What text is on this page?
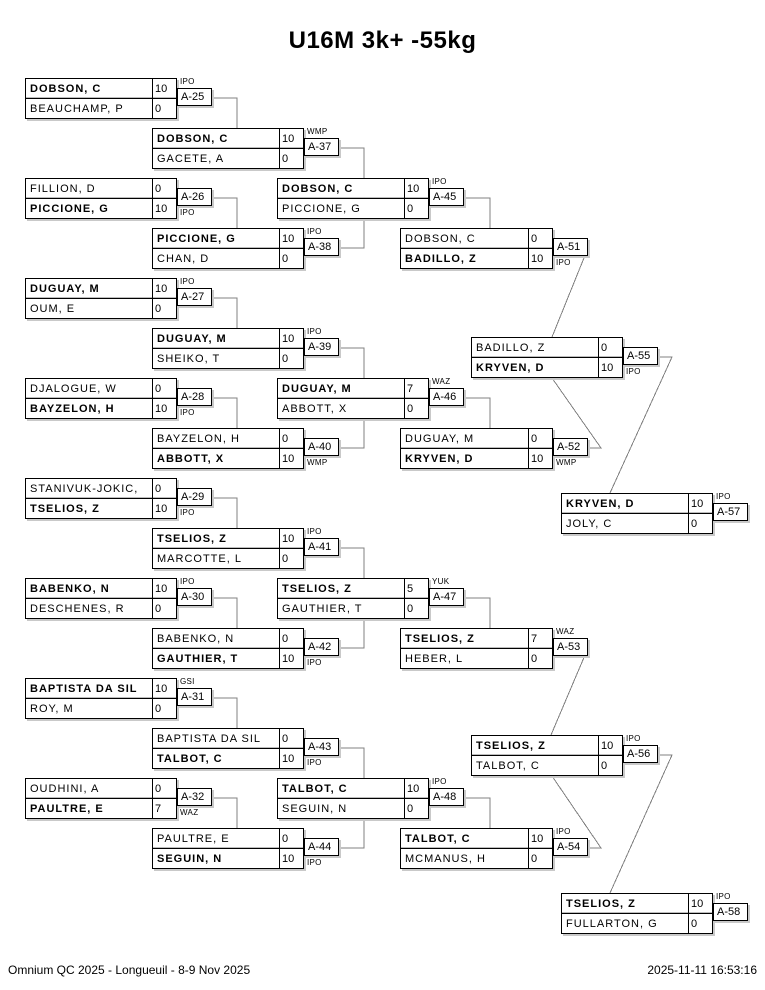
U16M 3k+ -55kg
DOBSON, C	10
BEAUCHAMP, P	0
A-25
IPO
FILLION, D	0
PICCIONE, G	10
A-26
IPO
DUGUAY, M	10
OUM, E	0
A-27
IPO
DJALOGUE, W	0
BAYZELON, H	10
A-28
IPO
STANIVUK-JOKIC, 0
TSELIOS, Z	10
A-29
IPO
BABENKO, N	10
DESCHENES, R	0
A-30
IPO
BAPTISTA DA SIL 10
ROY, M	0
A-31
GSI
OUDHINI, A	0
PAULTRE, E	7
A-32
WAZ
DOBSON, C	10
GACETE, A	0
A-37
WMP
PICCIONE, G	10
CHAN, D	0
A-38
IPO
DUGUAY, M	10
SHEIKO, T	0
A-39
IPO
BAYZELON, H	0
ABBOTT, X	10
A-40
WMP
TSELIOS, Z	10
MARCOTTE, L	0
A-41
IPO
BABENKO, N	0
GAUTHIER, T	10
A-42
IPO
BAPTISTA DA SIL 0
TALBOT, C	10
A-43
IPO
PAULTRE, E	0
SEGUIN, N	10
A-44
IPO
DOBSON, C	10
PICCIONE, G	0
A-45
IPO
DUGUAY, M	7
ABBOTT, X	0
A-46
WAZ
TSELIOS, Z	5
GAUTHIER, T	0
A-47
YUK
TALBOT, C	10
SEGUIN, N	0
A-48
IPO
DOBSON, C	0
BADILLO, Z	10
A-51
IPO
DUGUAY, M	0
KRYVEN, D	10
A-52
WMP
TSELIOS, Z	7
HEBER, L	0
A-53
WAZ
TALBOT, C	10
MCMANUS, H	0
A-54
IPO
BADILLO, Z	0
KRYVEN, D	10
A-55
IPO
TSELIOS, Z	10
TALBOT, C	0
A-56
IPO
KRYVEN, D	10
JOLY, C	0
A-57
IPO
TSELIOS, Z	10
FULLARTON, G	0
A-58
IPO
Omnium QC 2025 - Longueuil - 8-9 Nov 2025	2025-11-11 16:53:16
